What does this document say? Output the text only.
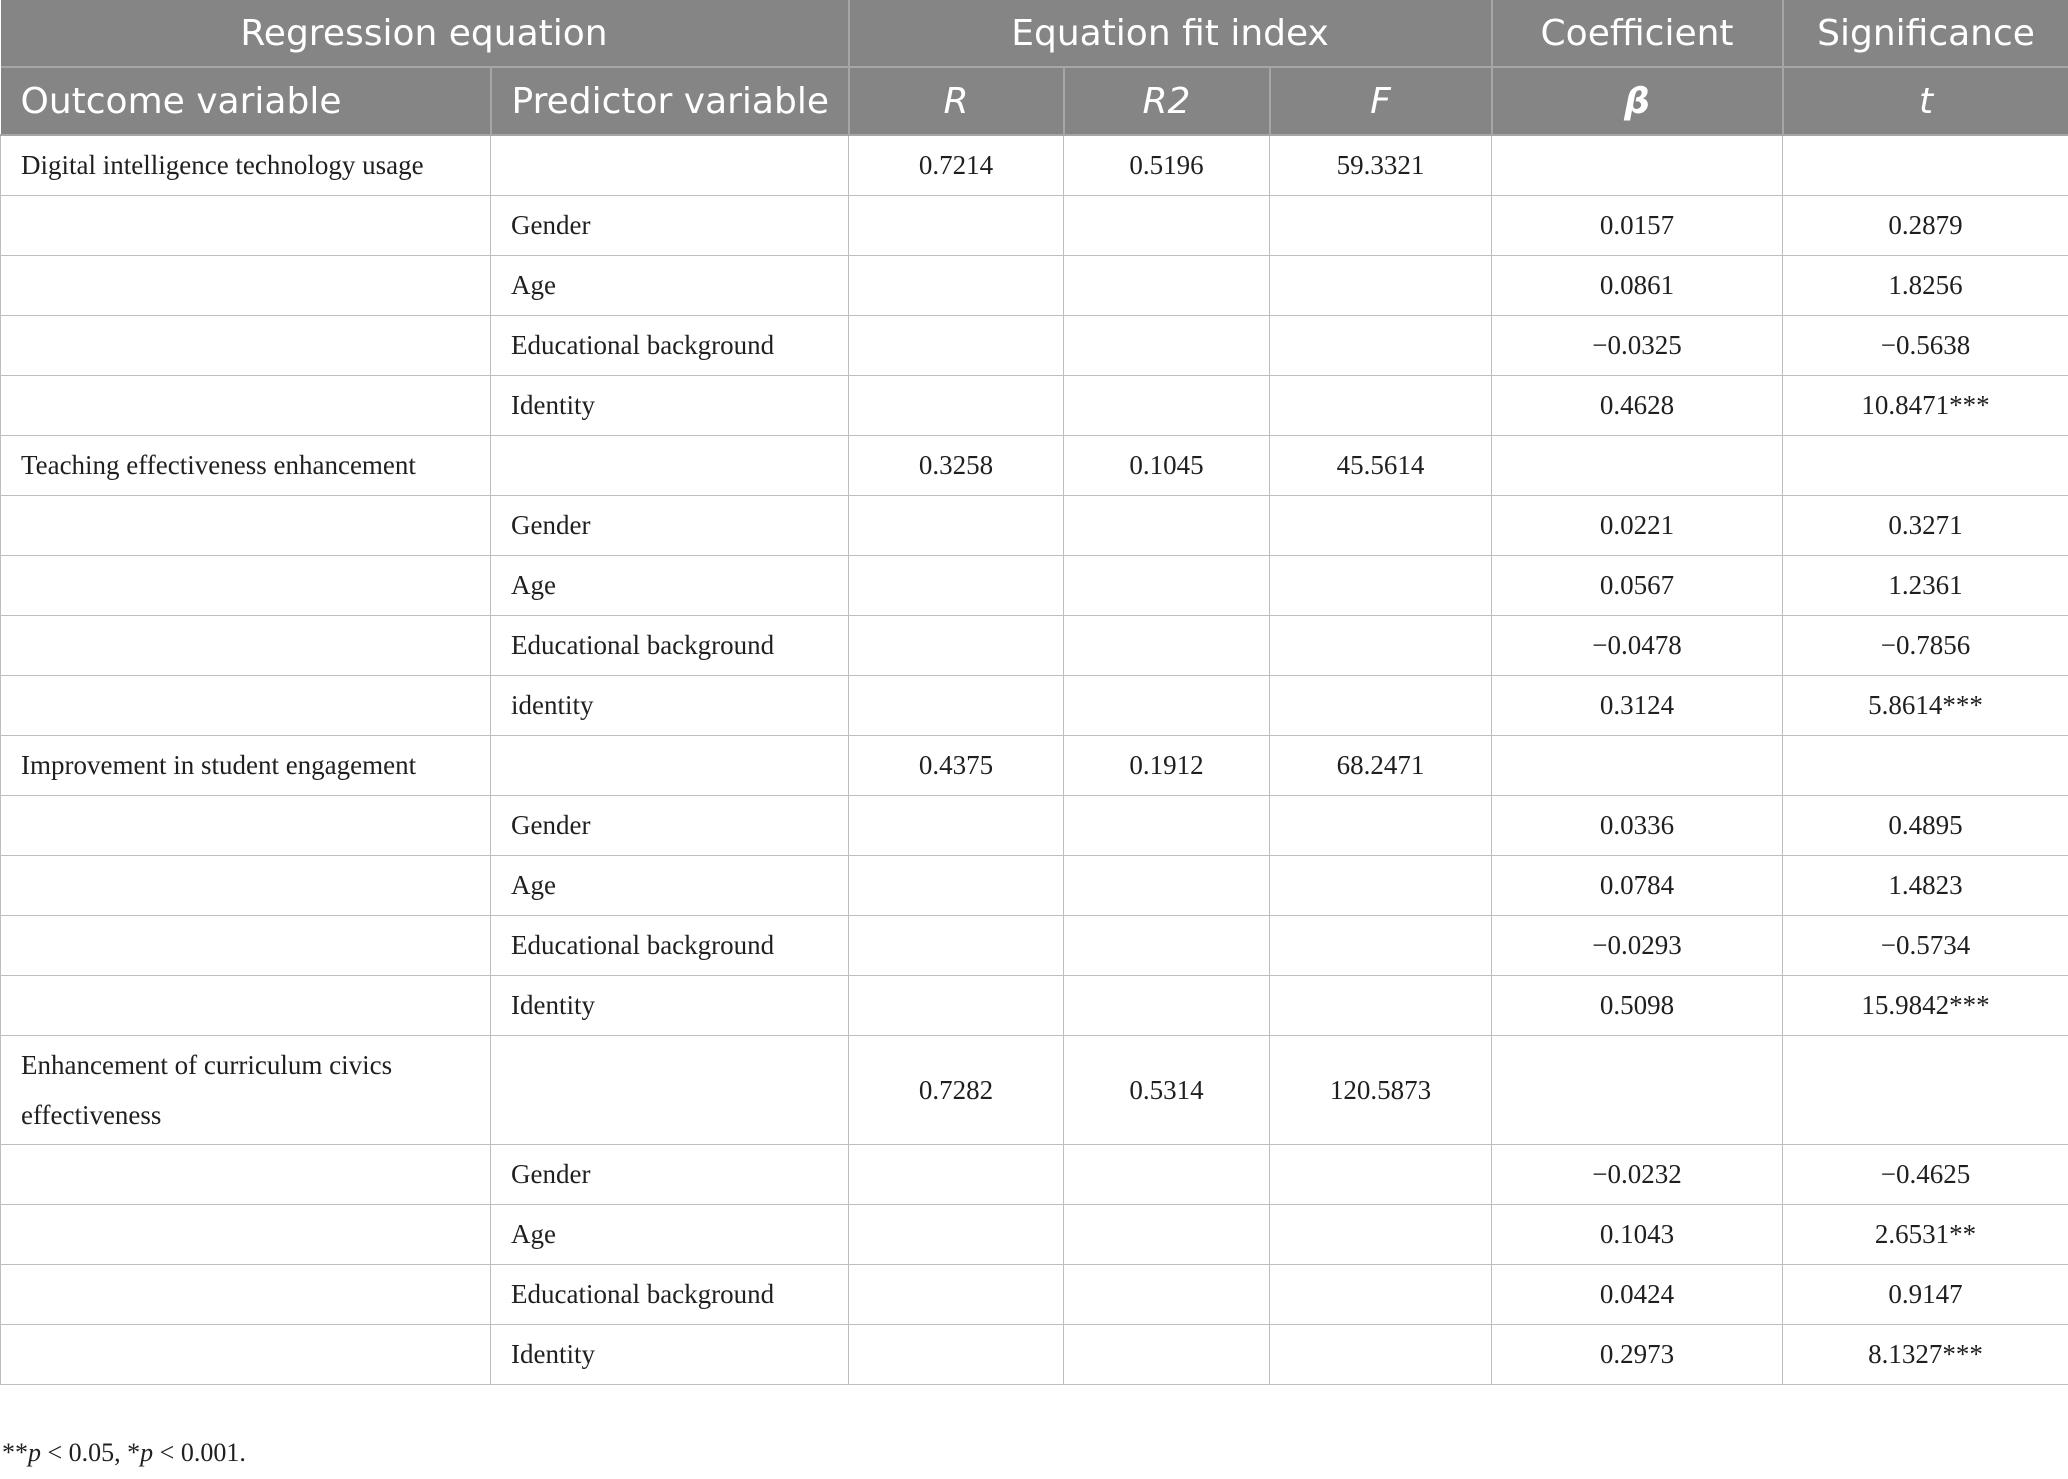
Regression equation		Equation fit index			Coefficient	Significance
Outcome variable	Predictor variable	R	R2	F	β	t
Digital intelligence technology usage		0.7214	0.5196	59.3321		
	Gender				0.0157	0.2879
	Age				0.0861	1.8256
	Educational background				−0.0325	−0.5638
	Identity				0.4628	10.8471***
Teaching effectiveness enhancement		0.3258	0.1045	45.5614		
	Gender				0.0221	0.3271
	Age				0.0567	1.2361
	Educational background				−0.0478	−0.7856
	identity				0.3124	5.8614***
Improvement in student engagement		0.4375	0.1912	68.2471		
	Gender				0.0336	0.4895
	Age				0.0784	1.4823
	Educational background				−0.0293	−0.5734
	Identity				0.5098	15.9842***
Enhancement of curriculum civics effectiveness		0.7282	0.5314	120.5873		
	Gender				−0.0232	−0.4625
	Age				0.1043	2.6531**
	Educational background				0.0424	0.9147
	Identity				0.2973	8.1327***
**p < 0.05, *p < 0.001.
